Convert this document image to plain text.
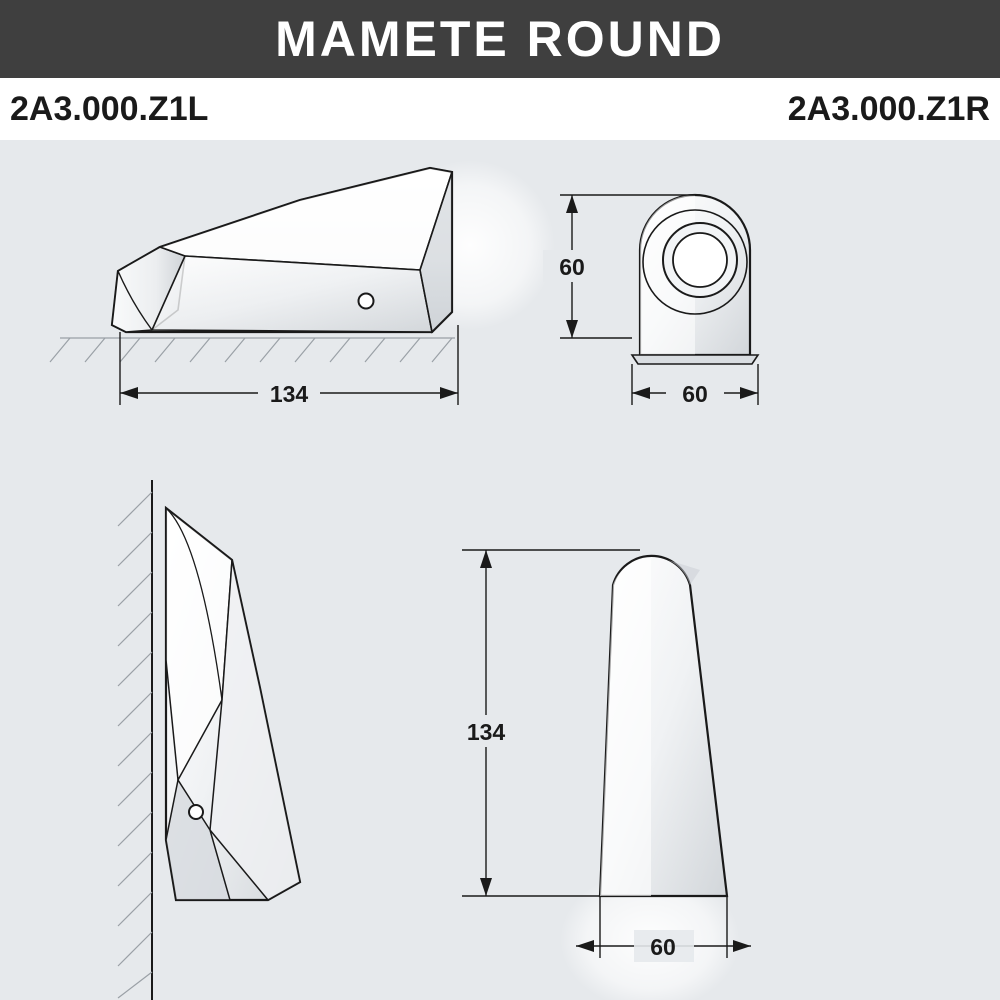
MAMETE ROUND
2A3.000.Z1L	2A3.000.Z1R
134
60
60
134
60
